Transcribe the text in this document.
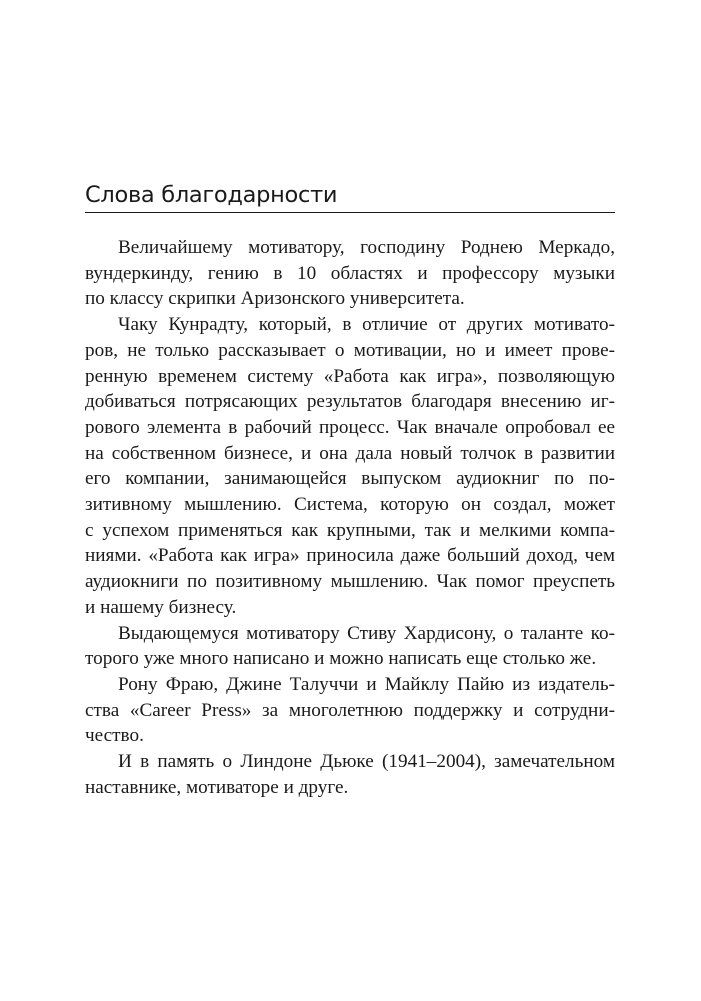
Слова благодарности
Величайшему мотиватору, господину Роднею Меркадо,
вундеркинду, гению в 10 областях и профессору музыки
по классу скрипки Аризонского университета.
Чаку Кунрадту, который, в отличие от других мотивато-
ров, не только рассказывает о мотивации, но и имеет прове-
ренную временем систему «Работа как игра», позволяющую
добиваться потрясающих результатов благодаря внесению иг-
рового элемента в рабочий процесс. Чак вначале опробовал ее
на собственном бизнесе, и она дала новый толчок в развитии
его компании, занимающейся выпуском аудиокниг по по-
зитивному мышлению. Система, которую он создал, может
с успехом применяться как крупными, так и мелкими компа-
ниями. «Работа как игра» приносила даже больший доход, чем
аудиокниги по позитивному мышлению. Чак помог преуспеть
и нашему бизнесу.
Выдающемуся мотиватору Стиву Хардисону, о таланте ко-
торого уже много написано и можно написать еще столько же.
Рону Фраю, Джине Талуччи и Майклу Пайю из издатель-
ства «Career Press» за многолетнюю поддержку и сотрудни-
чество.
И в память о Линдоне Дьюке (1941–2004), замечательном
наставнике, мотиваторе и друге.
